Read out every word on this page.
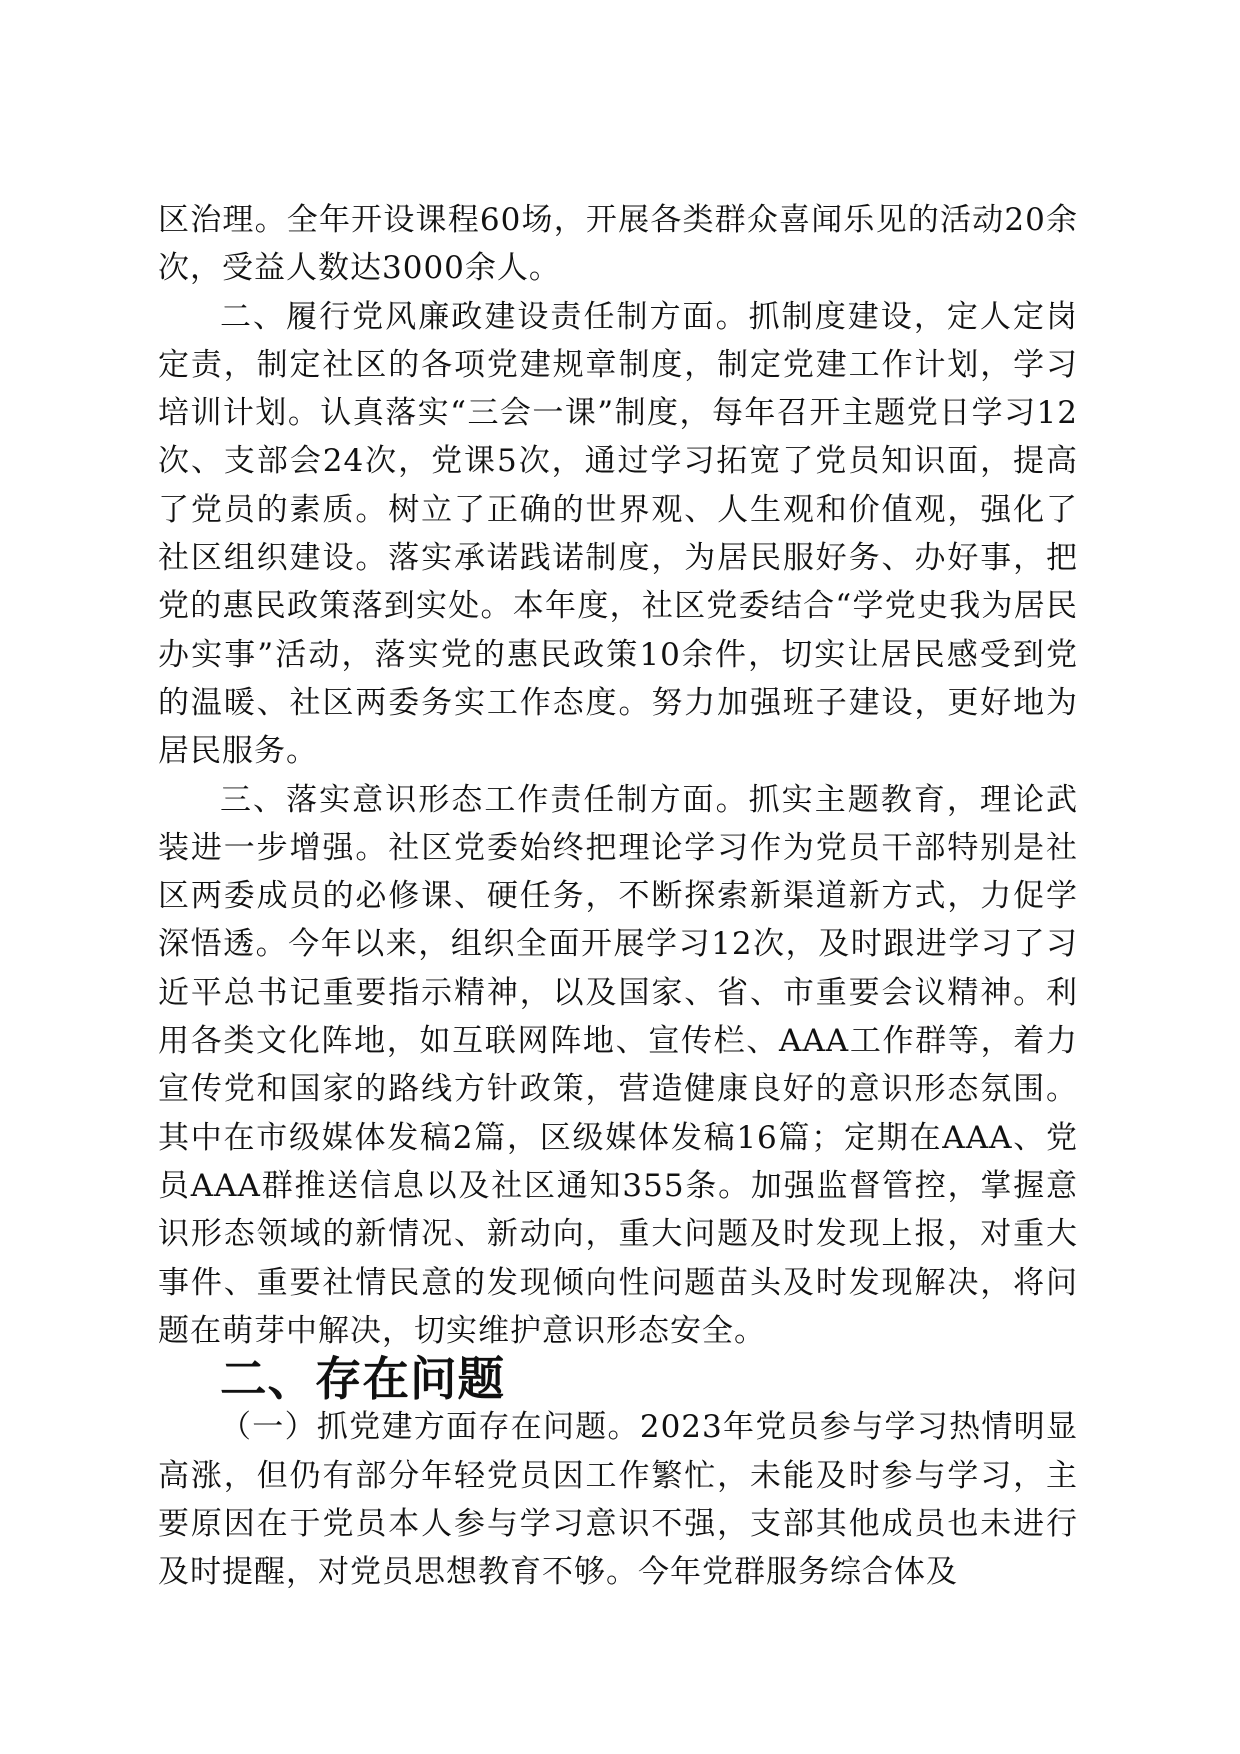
区治理。全年开设课程60场，开展各类群众喜闻乐见的活动20余次，受益人数达3000余人。

二、履行党风廉政建设责任制方面。抓制度建设，定人定岗定责，制定社区的各项党建规章制度，制定党建工作计划，学习培训计划。认真落实“三会一课”制度，每年召开主题党日学习12次、支部会24次，党课5次，通过学习拓宽了党员知识面，提高了党员的素质。树立了正确的世界观、人生观和价值观，强化了社区组织建设。落实承诺践诺制度，为居民服好务、办好事，把党的惠民政策落到实处。本年度，社区党委结合“学党史我为居民办实事”活动，落实党的惠民政策10余件，切实让居民感受到党的温暖、社区两委务实工作态度。努力加强班子建设，更好地为居民服务。

三、落实意识形态工作责任制方面。抓实主题教育，理论武装进一步增强。社区党委始终把理论学习作为党员干部特别是社区两委成员的必修课、硬任务，不断探索新渠道新方式，力促学深悟透。今年以来，组织全面开展学习12次，及时跟进学习了习近平总书记重要指示精神，以及国家、省、市重要会议精神。利用各类文化阵地，如互联网阵地、宣传栏、AAA工作群等，着力宣传党和国家的路线方针政策，营造健康良好的意识形态氛围。其中在市级媒体发稿2篇，区级媒体发稿16篇；定期在AAA、党员AAA群推送信息以及社区通知355条。加强监督管控，掌握意识形态领域的新情况、新动向，重大问题及时发现上报，对重大事件、重要社情民意的发现倾向性问题苗头及时发现解决，将问题在萌芽中解决，切实维护意识形态安全。

二、存在问题

（一）抓党建方面存在问题。2023年党员参与学习热情明显高涨，但仍有部分年轻党员因工作繁忙，未能及时参与学习，主要原因在于党员本人参与学习意识不强，支部其他成员也未进行及时提醒，对党员思想教育不够。今年党群服务综合体及
